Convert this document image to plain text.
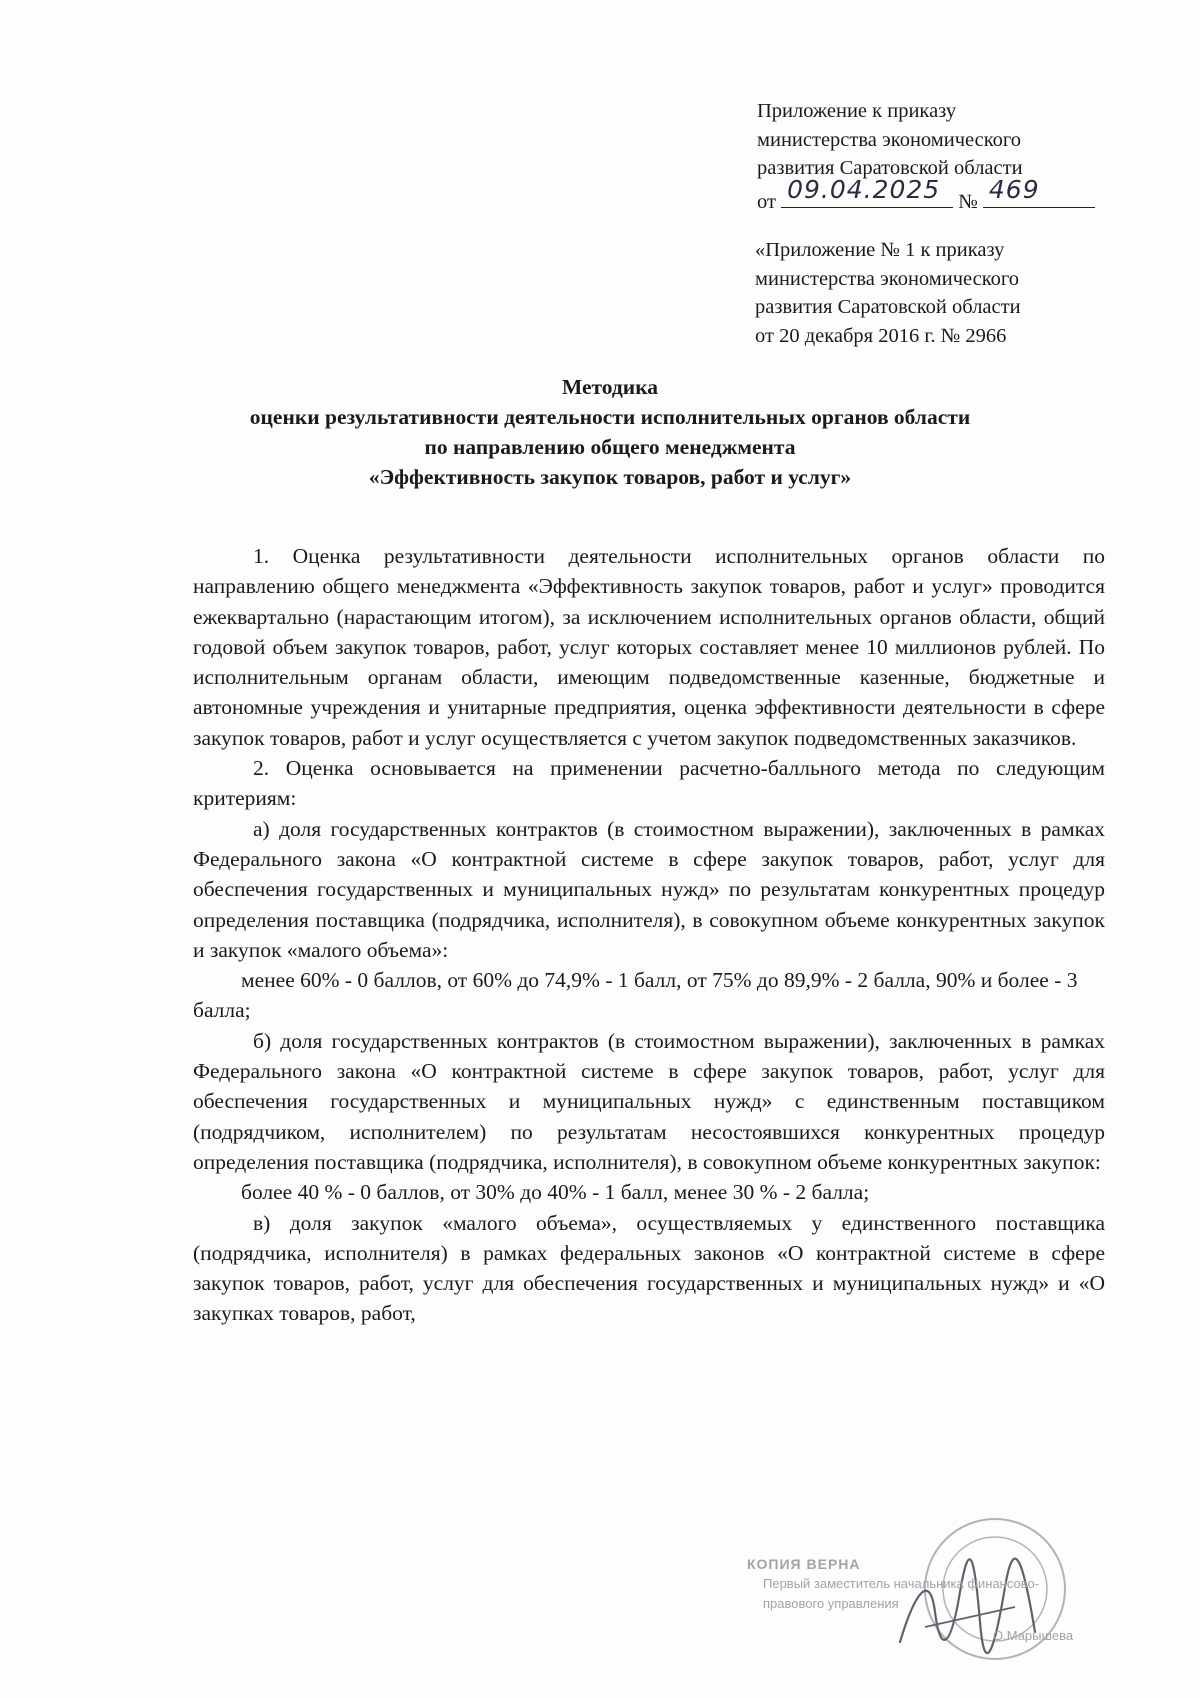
Приложение к приказу
министерства экономического
развития Саратовской области
от 09.04.2025 № 469
«Приложение № 1 к приказу
министерства экономического
развития Саратовской области
от 20 декабря 2016 г. № 2966
Методика
оценки результативности деятельности исполнительных органов области
по направлению общего менеджмента
«Эффективность закупок товаров, работ и услуг»

1. Оценка результативности деятельности исполнительных органов области по направлению общего менеджмента «Эффективность закупок товаров, работ и услуг» проводится ежеквартально (нарастающим итогом), за исключением исполнительных органов области, общий годовой объем закупок товаров, работ, услуг которых составляет менее 10 миллионов рублей. По исполнительным органам области, имеющим подведомственные казенные, бюджетные и автономные учреждения и унитарные предприятия, оценка эффективности деятельности в сфере закупок товаров, работ и услуг осуществляется с учетом закупок подведомственных заказчиков.

2. Оценка основывается на применении расчетно-балльного метода по следующим критериям:

а) доля государственных контрактов (в стоимостном выражении), заключенных в рамках Федерального закона «О контрактной системе в сфере закупок товаров, работ, услуг для обеспечения государственных и муниципальных нужд» по результатам конкурентных процедур определения поставщика (подрядчика, исполнителя), в совокупном объеме конкурентных закупок и закупок «малого объема»:

менее 60% - 0 баллов, от 60% до 74,9% - 1 балл, от 75% до 89,9% - 2 балла, 90% и более - 3 балла;

б) доля государственных контрактов (в стоимостном выражении), заключенных в рамках Федерального закона «О контрактной системе в сфере закупок товаров, работ, услуг для обеспечения государственных и муниципальных нужд» с единственным поставщиком (подрядчиком, исполнителем) по результатам несостоявшихся конкурентных процедур определения поставщика (подрядчика, исполнителя), в совокупном объеме конкурентных закупок:

более 40 % - 0 баллов, от 30% до 40% - 1 балл, менее 30 % - 2 балла;

в) доля закупок «малого объема», осуществляемых у единственного поставщика (подрядчика, исполнителя) в рамках федеральных законов «О контрактной системе в сфере закупок товаров, работ, услуг для обеспечения государственных и муниципальных нужд» и «О закупках товаров, работ,

КОПИЯ ВЕРНА
Первый заместитель начальника финансово-
правового управления
О.Марышева
